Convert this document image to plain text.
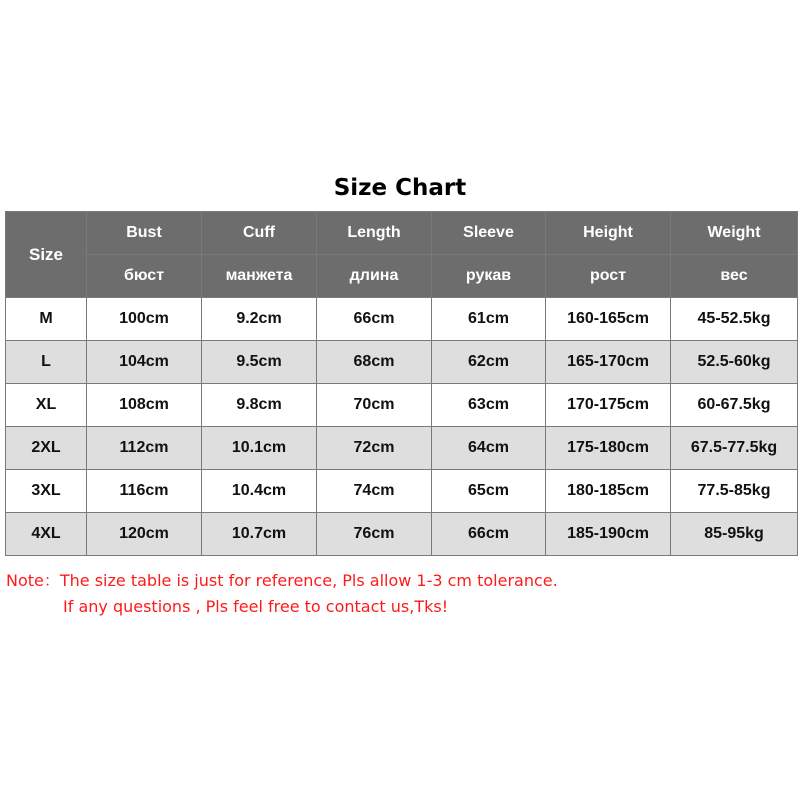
Size Chart
Size	Bust	Cuff	Length	Sleeve	Height	Weight
	бюст	манжета	длина	рукав	рост	вес
M	100cm	9.2cm	66cm	61cm	160-165cm	45-52.5kg
L	104cm	9.5cm	68cm	62cm	165-170cm	52.5-60kg
XL	108cm	9.8cm	70cm	63cm	170-175cm	60-67.5kg
2XL	112cm	10.1cm	72cm	64cm	175-180cm	67.5-77.5kg
3XL	116cm	10.4cm	74cm	65cm	180-185cm	77.5-85kg
4XL	120cm	10.7cm	76cm	66cm	185-190cm	85-95kg
Note：The size table is just for reference, Pls allow 1-3 cm tolerance.
If any questions , Pls feel free to contact us,Tks!
